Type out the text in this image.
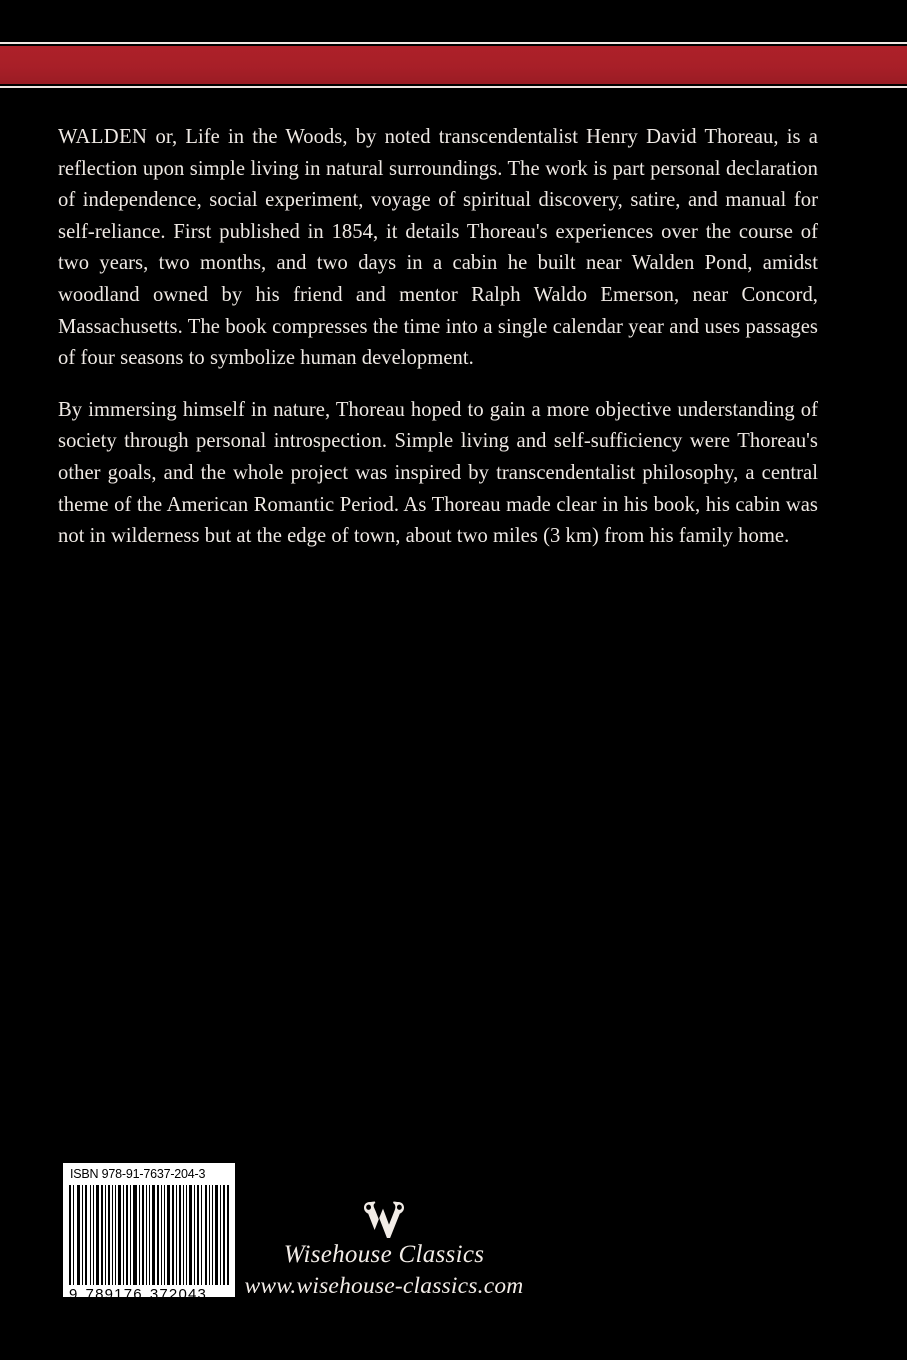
WALDEN or, Life in the Woods, by noted transcendentalist Henry David Thoreau, is a reflection upon simple living in natural surroundings. The work is part personal declaration of independence, social experiment, voyage of spiritual discovery, satire, and manual for self-reliance. First published in 1854, it details Thoreau's experiences over the course of two years, two months, and two days in a cabin he built near Walden Pond, amidst woodland owned by his friend and mentor Ralph Waldo Emerson, near Concord, Massachusetts. The book compresses the time into a single calendar year and uses passages of four seasons to symbolize human development.

By immersing himself in nature, Thoreau hoped to gain a more objective understanding of society through personal introspection. Simple living and self-sufficiency were Thoreau's other goals, and the whole project was inspired by transcendentalist philosophy, a central theme of the American Romantic Period. As Thoreau made clear in his book, his cabin was not in wilderness but at the edge of town, about two miles (3 km) from his family home.

ISBN 978-91-7637-204-3
9 789176 372043
Wisehouse Classics
www.wisehouse-classics.com
